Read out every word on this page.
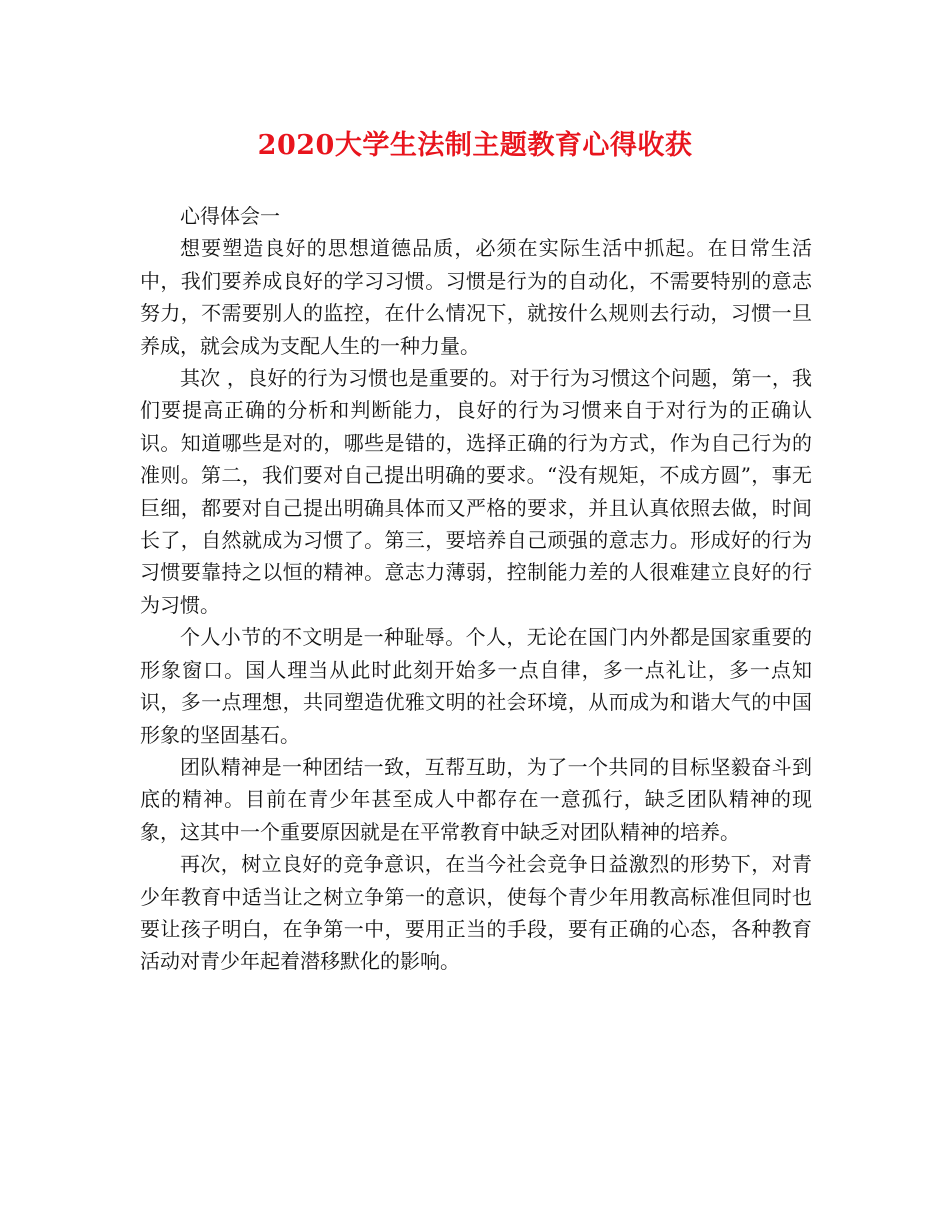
2020大学生法制主题教育心得收获

心得体会一

想要塑造良好的思想道德品质，必须在实际生活中抓起。在日常生活中，我们要养成良好的学习习惯。习惯是行为的自动化，不需要特别的意志努力，不需要别人的监控，在什么情况下，就按什么规则去行动，习惯一旦养成，就会成为支配人生的一种力量。

其次 ，良好的行为习惯也是重要的。对于行为习惯这个问题，第一，我们要提高正确的分析和判断能力，良好的行为习惯来自于对行为的正确认识。知道哪些是对的，哪些是错的，选择正确的行为方式，作为自己行为的准则。第二，我们要对自己提出明确的要求。“没有规矩，不成方圆”，事无巨细，都要对自己提出明确具体而又严格的要求，并且认真依照去做，时间长了，自然就成为习惯了。第三，要培养自己顽强的意志力。形成好的行为习惯要靠持之以恒的精神。意志力薄弱，控制能力差的人很难建立良好的行为习惯。

个人小节的不文明是一种耻辱。个人，无论在国门内外都是国家重要的形象窗口。国人理当从此时此刻开始多一点自律，多一点礼让，多一点知识，多一点理想，共同塑造优雅文明的社会环境，从而成为和谐大气的中国形象的坚固基石。

团队精神是一种团结一致，互帮互助，为了一个共同的目标坚毅奋斗到底的精神。目前在青少年甚至成人中都存在一意孤行，缺乏团队精神的现象，这其中一个重要原因就是在平常教育中缺乏对团队精神的培养。

再次，树立良好的竞争意识，在当今社会竞争日益激烈的形势下，对青少年教育中适当让之树立争第一的意识，使每个青少年用教高标准但同时也要让孩子明白，在争第一中，要用正当的手段，要有正确的心态，各种教育活动对青少年起着潜移默化的影响。
